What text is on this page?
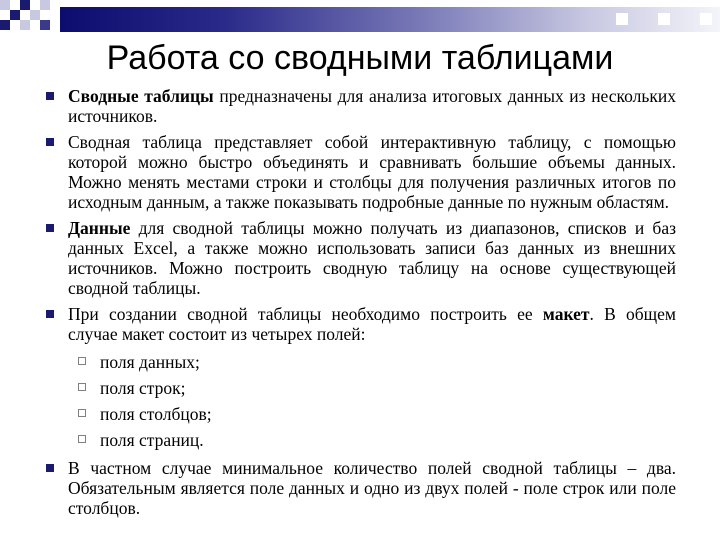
Работа со сводными таблицами
Сводные таблицы предназначены для анализа итоговых данных из нескольких источников.
Сводная таблица представляет собой интерактивную таблицу, с помощью которой можно быстро объединять и сравнивать большие объемы данных. Можно менять местами строки и столбцы для получения различных итогов по исходным данным, а также показывать подробные данные по нужным областям.
Данные для сводной таблицы можно получать из диапазонов, списков и баз данных Excel, а также можно использовать записи баз данных из внешних источников. Можно построить сводную таблицу на основе существующей сводной таблицы.
При создании сводной таблицы необходимо построить ее макет. В общем случае макет состоит из четырех полей:
поля данных;
поля строк;
поля столбцов;
поля страниц.
В частном случае минимальное количество полей сводной таблицы – два. Обязательным является поле данных и одно из двух полей - поле строк или поле столбцов.
